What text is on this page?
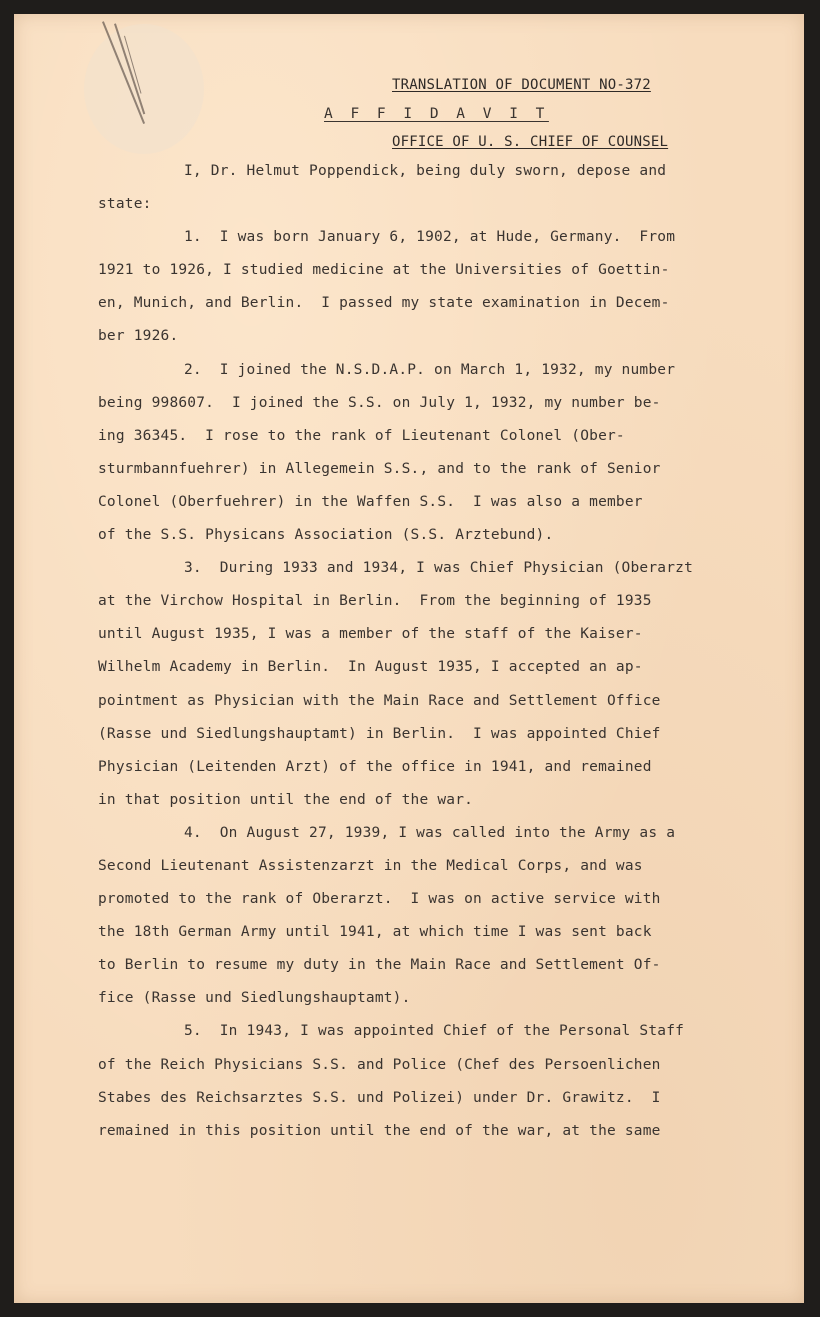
TRANSLATION OF DOCUMENT NO-372

OFFICE OF U. S. CHIEF OF COUNSEL

A F F I D A V I T
I, Dr. Helmut Poppendick, being duly sworn, depose and
state:
1.  I was born January 6, 1902, at Hude, Germany.  From
1921 to 1926, I studied medicine at the Universities of Goettin-
en, Munich, and Berlin.  I passed my state examination in Decem-
ber 1926.
2.  I joined the N.S.D.A.P. on March 1, 1932, my number
being 998607.  I joined the S.S. on July 1, 1932, my number be-
ing 36345.  I rose to the rank of Lieutenant Colonel (Ober-
sturmbannfuehrer) in Allegemein S.S., and to the rank of Senior
Colonel (Oberfuehrer) in the Waffen S.S.  I was also a member
of the S.S. Physicans Association (S.S. Arztebund).
3.  During 1933 and 1934, I was Chief Physician (Oberarzt
at the Virchow Hospital in Berlin.  From the beginning of 1935
until August 1935, I was a member of the staff of the Kaiser-
Wilhelm Academy in Berlin.  In August 1935, I accepted an ap-
pointment as Physician with the Main Race and Settlement Office
(Rasse und Siedlungshauptamt) in Berlin.  I was appointed Chief
Physician (Leitenden Arzt) of the office in 1941, and remained
in that position until the end of the war.
4.  On August 27, 1939, I was called into the Army as a
Second Lieutenant Assistenzarzt in the Medical Corps, and was
promoted to the rank of Oberarzt.  I was on active service with
the 18th German Army until 1941, at which time I was sent back
to Berlin to resume my duty in the Main Race and Settlement Of-
fice (Rasse und Siedlungshauptamt).
5.  In 1943, I was appointed Chief of the Personal Staff
of the Reich Physicians S.S. and Police (Chef des Persoenlichen
Stabes des Reichsarztes S.S. und Polizei) under Dr. Grawitz.  I
remained in this position until the end of the war, at the same
